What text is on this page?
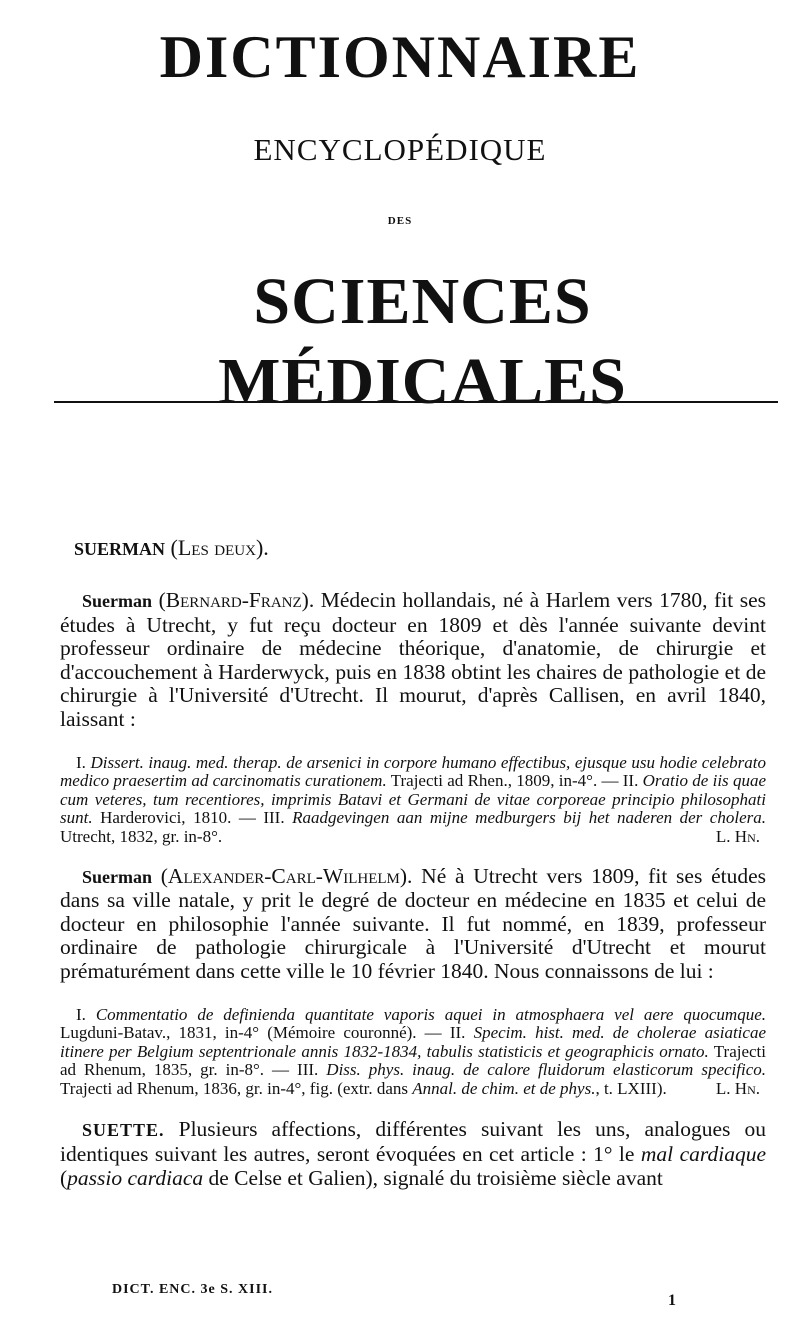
DICTIONNAIRE

ENCYCLOPÉDIQUE

DES

SCIENCES MÉDICALES

SUERMAN (Les deux).

Suerman (Bernard-Franz). Médecin hollandais, né à Harlem vers 1780, fit ses études à Utrecht, y fut reçu docteur en 1809 et dès l'année suivante devint professeur ordinaire de médecine théorique, d'anatomie, de chirurgie et d'accouchement à Harderwyck, puis en 1838 obtint les chaires de pathologie et de chirurgie à l'Université d'Utrecht. Il mourut, d'après Callisen, en avril 1840, laissant :

I. Dissert. inaug. med. therap. de arsenici in corpore humano effectibus, ejusque usu hodie celebrato medico praesertim ad carcinomatis curationem. Trajecti ad Rhen., 1809, in-4°. — II. Oratio de iis quae cum veteres, tum recentiores, imprimis Batavi et Germani de vitae corporeae principio philosophati sunt. Harderovici, 1810. — III. Raadgevingen aan mijne medburgers bij het naderen der cholera. Utrecht, 1832, gr. in-8°.	L. Hn.

Suerman (Alexander-Carl-Wilhelm). Né à Utrecht vers 1809, fit ses études dans sa ville natale, y prit le degré de docteur en médecine en 1835 et celui de docteur en philosophie l'année suivante. Il fut nommé, en 1839, professeur ordinaire de pathologie chirurgicale à l'Université d'Utrecht et mourut prématurément dans cette ville le 10 février 1840. Nous connaissons de lui :

I. Commentatio de definienda quantitate vaporis aquei in atmosphaera vel aere quocumque. Lugduni-Batav., 1831, in-4° (Mémoire couronné). — II. Specim. hist. med. de cholerae asiaticae itinere per Belgium septentrionale annis 1832-1834, tabulis statisticis et geographicis ornato. Trajecti ad Rhenum, 1835, gr. in-8°. — III. Diss. phys. inaug. de calore fluidorum elasticorum specifico. Trajecti ad Rhenum, 1836, gr. in-4°, fig. (extr. dans Annal. de chim. et de phys., t. LXIII).	L. Hn.

SUETTE. Plusieurs affections, différentes suivant les uns, analogues ou identiques suivant les autres, seront évoquées en cet article : 1° le mal cardiaque (passio cardiaca de Celse et Galien), signalé du troisième siècle avant

DICT. ENC. 3e S. XIII.

1
